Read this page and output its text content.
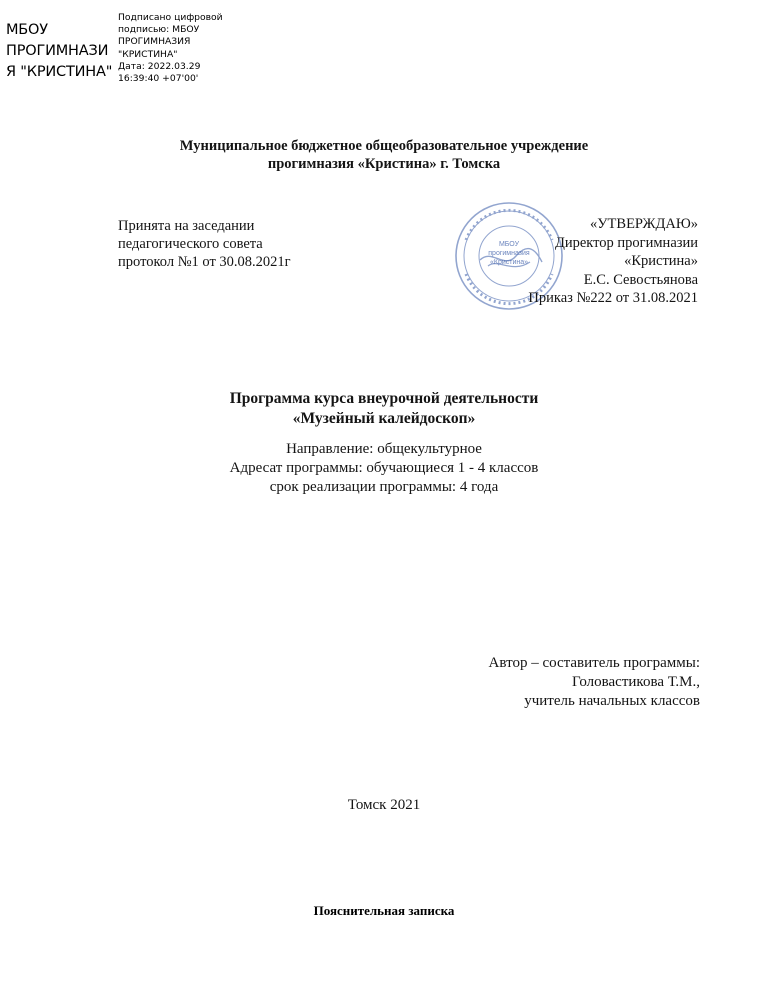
МБОУ
ПРОГИМНАЗИ
Я "КРИСТИНА"
Подписано цифровой
подписью: МБОУ
ПРОГИМНАЗИЯ
"КРИСТИНА"
Дата: 2022.03.29
16:39:40 +07'00'
Муниципальное бюджетное общеобразовательное учреждение
прогимназия «Кристина» г. Томска
Принята на заседании
педагогического совета
протокол №1 от 30.08.2021г
МБОУ
прогимназия
«Кристина»
«УТВЕРЖДАЮ»
Директор прогимназии
«Кристина»
Е.С. Севостьянова
Приказ №222 от 31.08.2021
Программа курса внеурочной деятельности
«Музейный калейдоскоп»
Направление: общекультурное
Адресат программы: обучающиеся 1 - 4 классов
срок реализации программы: 4 года
Автор – составитель программы:
Головастикова Т.М.,
учитель начальных классов
Томск 2021
Пояснительная записка
